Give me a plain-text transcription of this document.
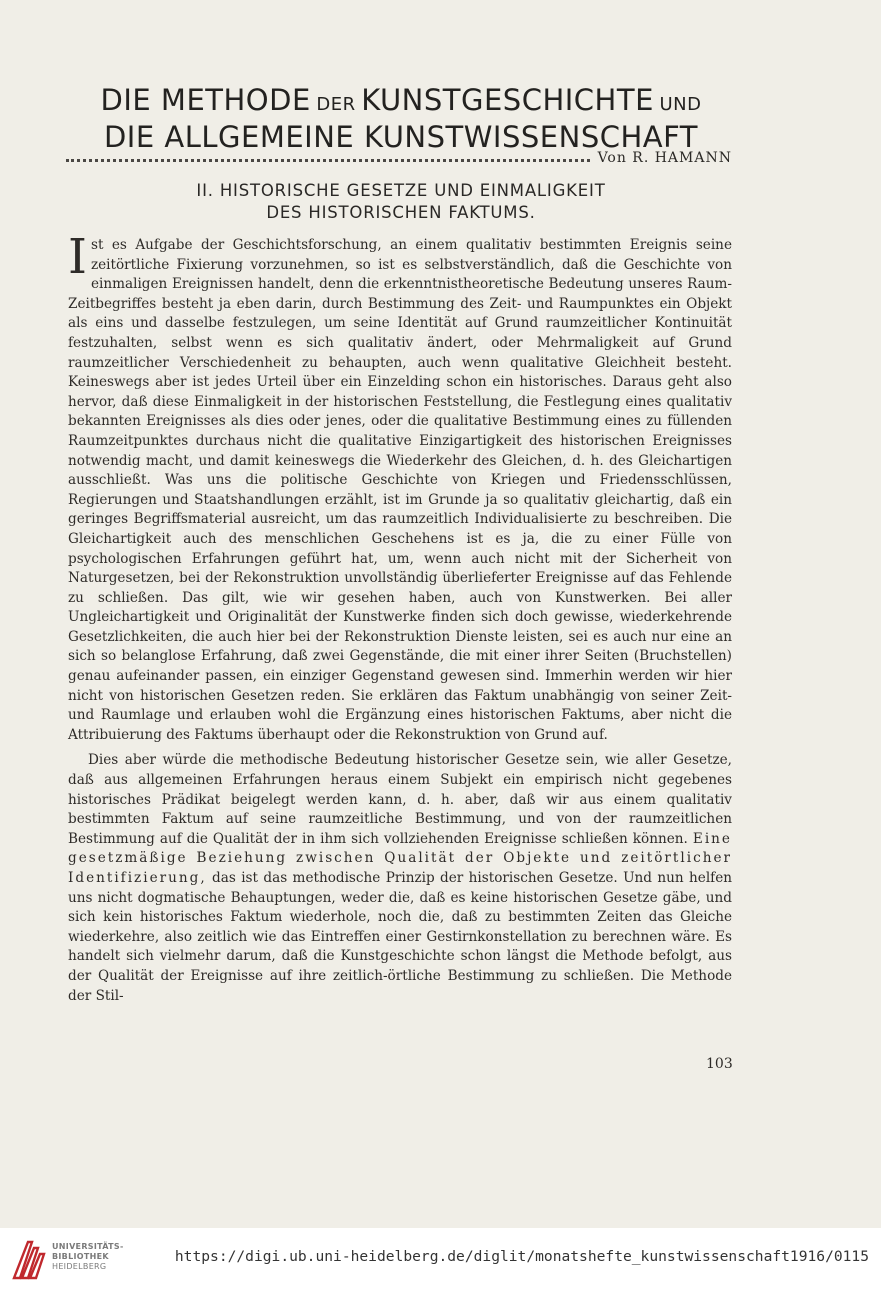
DIE METHODE DER KUNSTGESCHICHTE UND
DIE ALLGEMEINE KUNSTWISSENSCHAFT
Von R. HAMANN
II. HISTORISCHE GESETZE UND EINMALIGKEIT
DES HISTORISCHEN FAKTUMS.

Ist es Aufgabe der Geschichtsforschung, an einem qualitativ bestimmten Ereignis seine zeitörtliche Fixierung vorzunehmen, so ist es selbstverständlich, daß die Geschichte von einmaligen Ereignissen handelt, denn die erkenntnistheoretische Bedeutung unseres Raum-Zeitbegriffes besteht ja eben darin, durch Bestimmung des Zeit- und Raumpunktes ein Objekt als eins und dasselbe festzulegen, um seine Identität auf Grund raumzeitlicher Kontinuität festzuhalten, selbst wenn es sich qualitativ ändert, oder Mehrmaligkeit auf Grund raumzeitlicher Verschiedenheit zu behaupten, auch wenn qualitative Gleichheit besteht. Keineswegs aber ist jedes Urteil über ein Einzelding schon ein historisches. Daraus geht also hervor, daß diese Einmaligkeit in der historischen Feststellung, die Festlegung eines qualitativ bekannten Ereignisses als dies oder jenes, oder die qualitative Bestimmung eines zu füllenden Raumzeitpunktes durchaus nicht die qualitative Einzigartigkeit des historischen Ereignisses notwendig macht, und damit keineswegs die Wiederkehr des Gleichen, d. h. des Gleichartigen ausschließt. Was uns die politische Geschichte von Kriegen und Friedensschlüssen, Regierungen und Staatshandlungen erzählt, ist im Grunde ja so qualitativ gleichartig, daß ein geringes Begriffsmaterial ausreicht, um das raumzeitlich Individualisierte zu beschreiben. Die Gleichartigkeit auch des menschlichen Geschehens ist es ja, die zu einer Fülle von psychologischen Erfahrungen geführt hat, um, wenn auch nicht mit der Sicherheit von Naturgesetzen, bei der Rekonstruktion unvollständig überlieferter Ereignisse auf das Fehlende zu schließen. Das gilt, wie wir gesehen haben, auch von Kunstwerken. Bei aller Ungleichartigkeit und Originalität der Kunstwerke finden sich doch gewisse, wiederkehrende Gesetzlichkeiten, die auch hier bei der Rekonstruktion Dienste leisten, sei es auch nur eine an sich so belanglose Erfahrung, daß zwei Gegenstände, die mit einer ihrer Seiten (Bruchstellen) genau aufeinander passen, ein einziger Gegenstand gewesen sind. Immerhin werden wir hier nicht von historischen Gesetzen reden. Sie erklären das Faktum unabhängig von seiner Zeit- und Raumlage und erlauben wohl die Ergänzung eines historischen Faktums, aber nicht die Attribuierung des Faktums überhaupt oder die Rekonstruktion von Grund auf.

Dies aber würde die methodische Bedeutung historischer Gesetze sein, wie aller Gesetze, daß aus allgemeinen Erfahrungen heraus einem Subjekt ein empirisch nicht gegebenes historisches Prädikat beigelegt werden kann, d. h. aber, daß wir aus einem qualitativ bestimmten Faktum auf seine raumzeitliche Bestimmung, und von der raumzeitlichen Bestimmung auf die Qualität der in ihm sich vollziehenden Ereignisse schließen können. Eine gesetzmäßige Beziehung zwischen Qualität der Objekte und zeitörtlicher Identifizierung, das ist das methodische Prinzip der historischen Gesetze. Und nun helfen uns nicht dogmatische Behauptungen, weder die, daß es keine historischen Gesetze gäbe, und sich kein historisches Faktum wiederhole, noch die, daß zu bestimmten Zeiten das Gleiche wiederkehre, also zeitlich wie das Eintreffen einer Gestirnkonstellation zu berechnen wäre. Es handelt sich vielmehr darum, daß die Kunstgeschichte schon längst die Methode befolgt, aus der Qualität der Ereignisse auf ihre zeitlich-örtliche Bestimmung zu schließen. Die Methode der Stil-

103
UNIVERSITÄTS-
BIBLIOTHEK
HEIDELBERG
https://digi.ub.uni-heidelberg.de/diglit/monatshefte_kunstwissenschaft1916/0115
